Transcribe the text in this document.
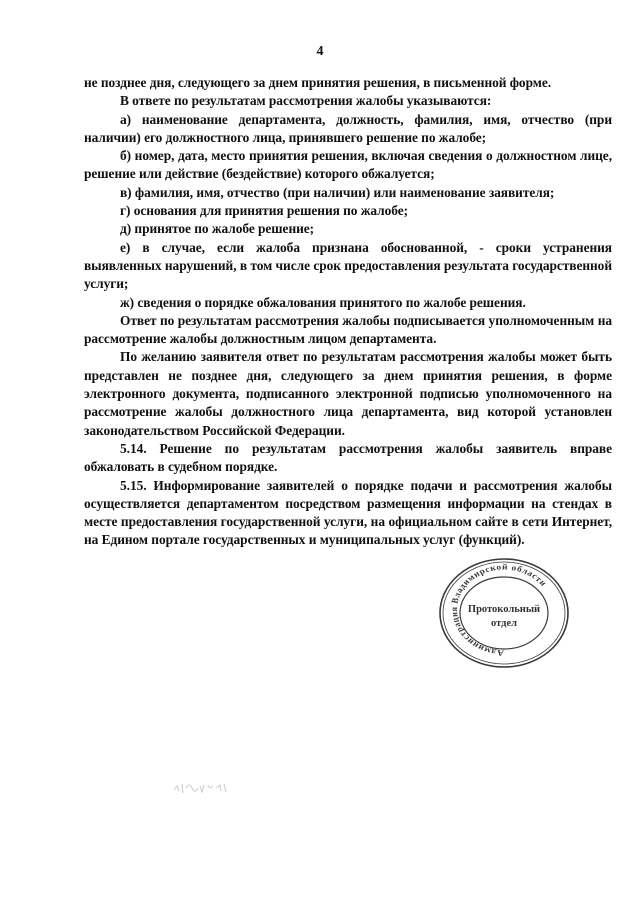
4

не позднее дня, следующего за днем принятия решения, в письменной форме.

В ответе по результатам рассмотрения жалобы указываются:

а) наименование департамента, должность, фамилия, имя, отчество (при наличии) его должностного лица, принявшего решение по жалобе;

б) номер, дата, место принятия решения, включая сведения о должностном лице, решение или действие (бездействие) которого обжалуется;

в) фамилия, имя, отчество (при наличии) или наименование заявителя;

г) основания для принятия решения по жалобе;

д) принятое по жалобе решение;

е) в случае, если жалоба признана обоснованной, - сроки устранения выявленных нарушений, в том числе срок предоставления результата государственной услуги;

ж) сведения о порядке обжалования принятого по жалобе решения.

Ответ по результатам рассмотрения жалобы подписывается уполномоченным на рассмотрение жалобы должностным лицом департамента.

По желанию заявителя ответ по результатам рассмотрения жалобы может быть представлен не позднее дня, следующего за днем принятия решения, в форме электронного документа, подписанного электронной подписью уполномоченного на рассмотрение жалобы должностного лица департамента, вид которой установлен законодательством Российской Федерации.

5.14. Решение по результатам рассмотрения жалобы заявитель вправе обжаловать в судебном порядке.

5.15. Информирование заявителей о порядке подачи и рассмотрения жалобы осуществляется департаментом посредством размещения информации на стендах в месте предоставления государственной услуги, на официальном сайте в сети Интернет, на Едином портале государственных и муниципальных услуг (функций).

Администрация Владимирской области
Протокольный
отдел
